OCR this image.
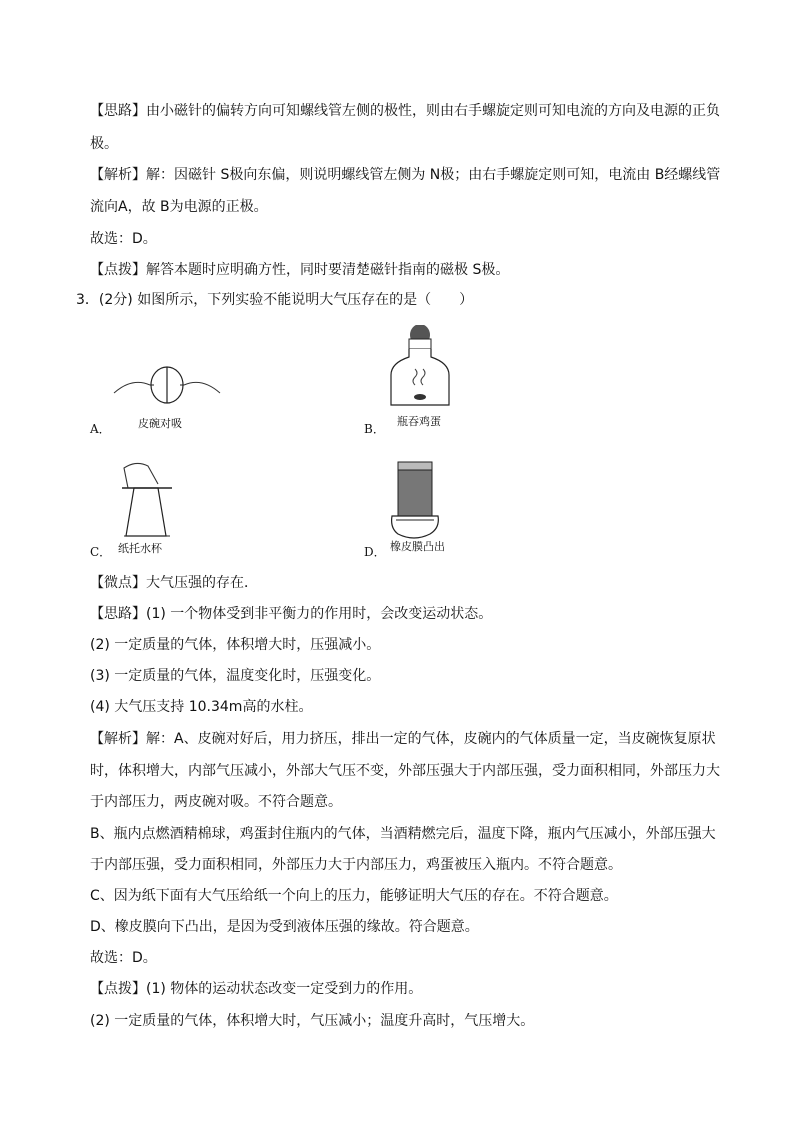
【思路】由小磁针的偏转方向可知螺线管左侧的极性，则由右手螺旋定则可知电流的方向及电源的正负
极。
【解析】解：因磁针 S极向东偏，则说明螺线管左侧为 N极；由右手螺旋定则可知，电流由 B经螺线管
流向A，故 B为电源的正极。
故选：D。
【点拨】解答本题时应明确方性，同时要清楚磁针指南的磁极 S极。
3．(2分) 如图所示，下列实验不能说明大气压存在的是（　　）
皮碗对吸
A．
瓶吞鸡蛋
B．
纸托水杯
C．	橡皮膜凸出
D．
【微点】大气压强的存在．
【思路】(1) 一个物体受到非平衡力的作用时，会改变运动状态。
(2) 一定质量的气体，体积增大时，压强减小。
(3) 一定质量的气体，温度变化时，压强变化。
(4) 大气压支持 10.34m高的水柱。
【解析】解：A、皮碗对好后，用力挤压，排出一定的气体，皮碗内的气体质量一定，当皮碗恢复原状
时，体积增大，内部气压减小，外部大气压不变，外部压强大于内部压强，受力面积相同，外部压力大
于内部压力，两皮碗对吸。不符合题意。
B、瓶内点燃酒精棉球，鸡蛋封住瓶内的气体，当酒精燃完后，温度下降，瓶内气压减小，外部压强大
于内部压强，受力面积相同，外部压力大于内部压力，鸡蛋被压入瓶内。不符合题意。
C、因为纸下面有大气压给纸一个向上的压力，能够证明大气压的存在。不符合题意。
D、橡皮膜向下凸出，是因为受到液体压强的缘故。符合题意。
故选：D。
【点拨】(1) 物体的运动状态改变一定受到力的作用。
(2) 一定质量的气体，体积增大时，气压减小；温度升高时，气压增大。
